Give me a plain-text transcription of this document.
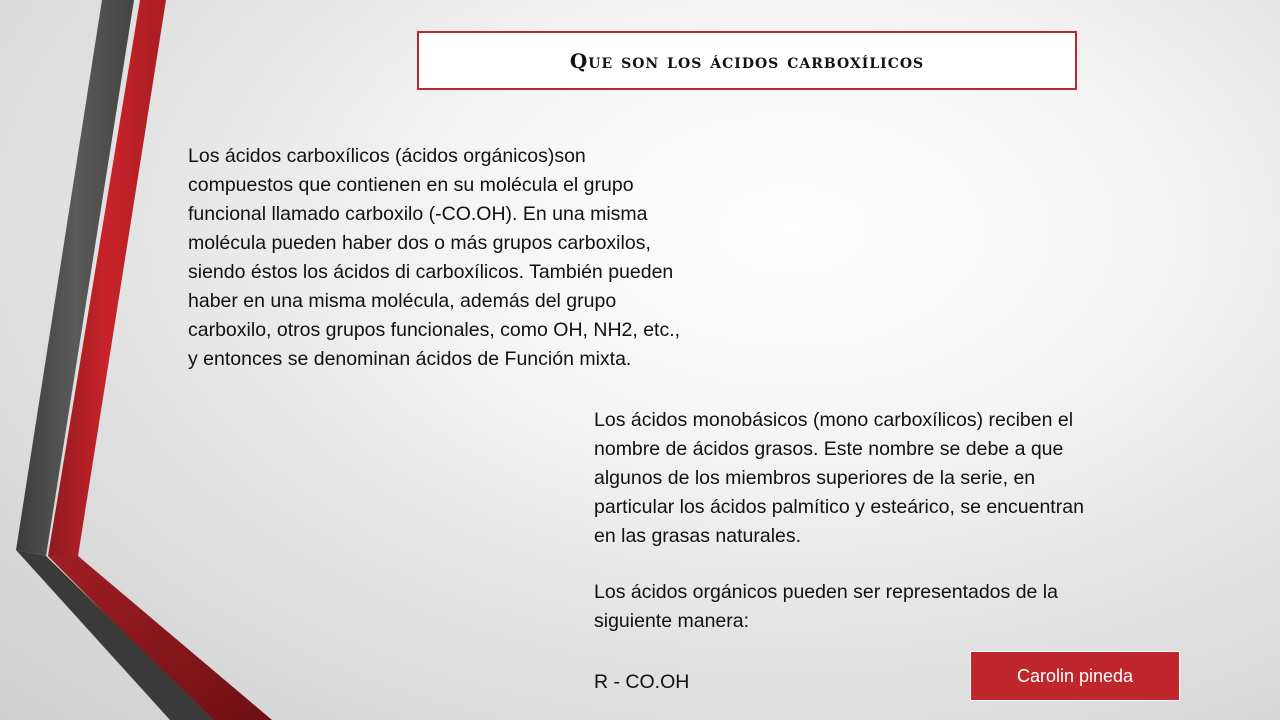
Que son los ácidos carboxílicos

Los ácidos carboxílicos (ácidos orgánicos)son
compuestos que contienen en su molécula el grupo
funcional llamado carboxilo (-CO.OH). En una misma
molécula pueden haber dos o más grupos carboxilos,
siendo éstos los ácidos di carboxílicos. También pueden
haber en una misma molécula, además del grupo
carboxilo, otros grupos funcionales, como OH, NH2, etc.,
y entonces se denominan ácidos de Función mixta.

Los ácidos monobásicos (mono carboxílicos) reciben el
nombre de ácidos grasos. Este nombre se debe a que
algunos de los miembros superiores de la serie, en
particular los ácidos palmítico y esteárico, se encuentran
en las grasas naturales.

Los ácidos orgánicos pueden ser representados de la
siguiente manera:

R - CO.OH	Carolin pineda
